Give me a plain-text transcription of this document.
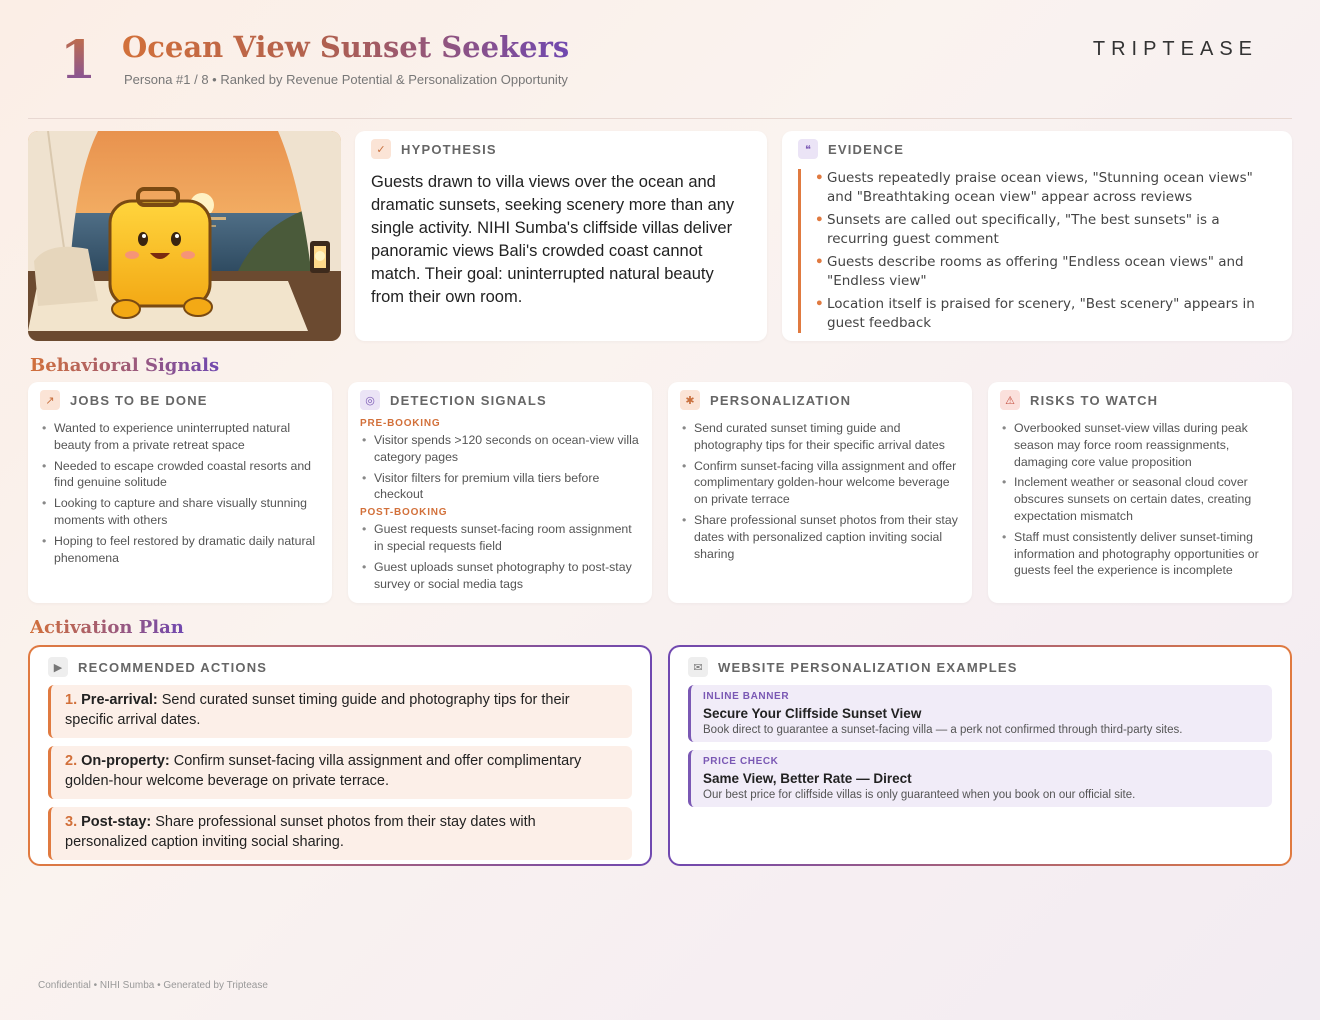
1 Ocean View Sunset Seekers
Persona #1 / 8 • Ranked by Revenue Potential & Personalization Opportunity
TRIPTEASE
✓	HYPOTHESIS
Guests drawn to villa views over the ocean and dramatic sunsets, seeking scenery more than any single activity. NIHI Sumba's cliffside villas deliver panoramic views Bali's crowded coast cannot match. Their goal: uninterrupted natural beauty from their own room.
❝	EVIDENCE
• Guests repeatedly praise ocean views, "Stunning ocean views" and "Breathtaking ocean view" appear across reviews
• Sunsets are called out specifically, "The best sunsets" is a recurring guest comment
• Guests describe rooms as offering "Endless ocean views" and "Endless view"
• Location itself is praised for scenery, "Best scenery" appears in guest feedback
Behavioral Signals
↗	JOBS TO BE DONE
• Wanted to experience uninterrupted natural beauty from a private retreat space
• Needed to escape crowded coastal resorts and find genuine solitude
• Looking to capture and share visually stunning moments with others
• Hoping to feel restored by dramatic daily natural phenomena
◎	DETECTION SIGNALS
PRE-BOOKING
• Visitor spends >120 seconds on ocean-view villa category pages
• Visitor filters for premium villa tiers before checkout
POST-BOOKING
• Guest requests sunset-facing room assignment in special requests field
• Guest uploads sunset photography to post-stay survey or social media tags
✱	PERSONALIZATION
• Send curated sunset timing guide and photography tips for their specific arrival dates
• Confirm sunset-facing villa assignment and offer complimentary golden-hour welcome beverage on private terrace
• Share professional sunset photos from their stay dates with personalized caption inviting social sharing
⚠	RISKS TO WATCH
• Overbooked sunset-view villas during peak season may force room reassignments, damaging core value proposition
• Inclement weather or seasonal cloud cover obscures sunsets on certain dates, creating expectation mismatch
• Staff must consistently deliver sunset-timing information and photography opportunities or guests feel the experience is incomplete
Activation Plan
▶	RECOMMENDED ACTIONS
1. Pre-arrival: Send curated sunset timing guide and photography tips for their specific arrival dates.
2. On-property: Confirm sunset-facing villa assignment and offer complimentary golden-hour welcome beverage on private terrace.
3. Post-stay: Share professional sunset photos from their stay dates with personalized caption inviting social sharing.
✉	WEBSITE PERSONALIZATION EXAMPLES
INLINE BANNER
Secure Your Cliffside Sunset View
Book direct to guarantee a sunset-facing villa — a perk not confirmed through third-party sites.
PRICE CHECK
Same View, Better Rate — Direct
Our best price for cliffside villas is only guaranteed when you book on our official site.
Confidential • NIHI Sumba • Generated by Triptease
